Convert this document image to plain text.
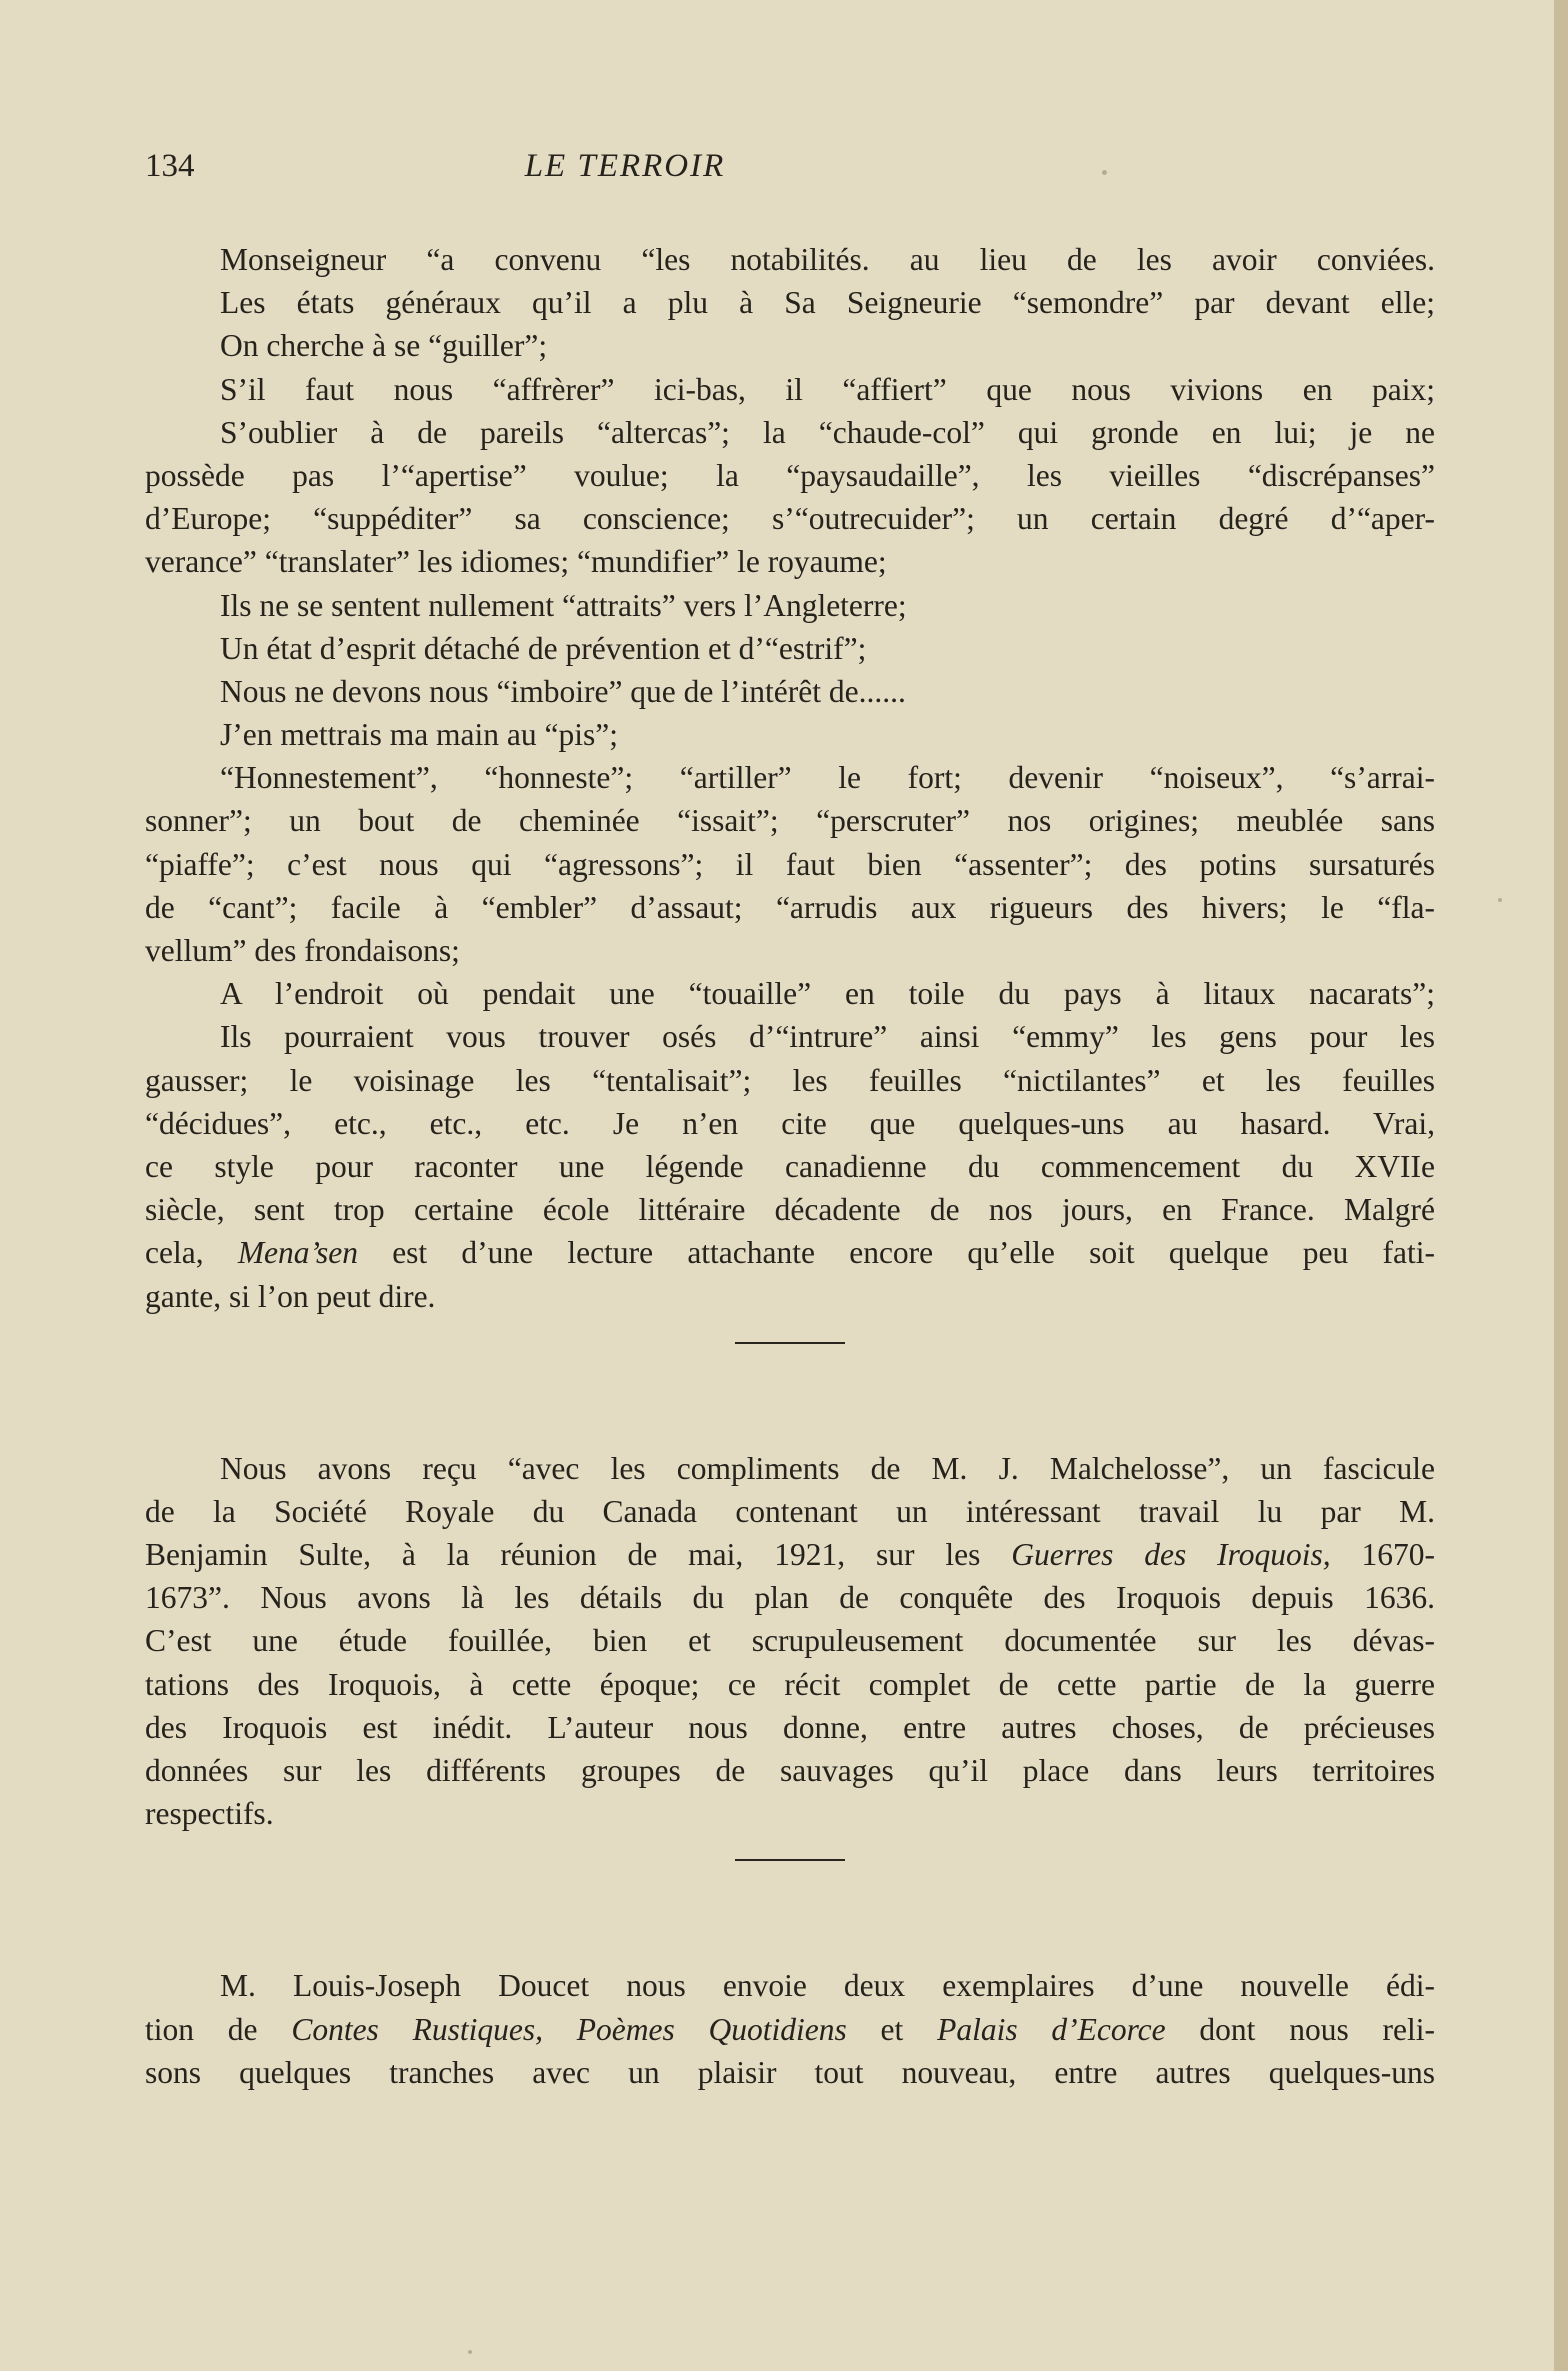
134	LE TERROIR

Monseigneur “a convenu “les notabilités. au lieu de les avoir conviées.

Les états généraux qu’il a plu à Sa Seigneurie “semondre” par devant elle;

On cherche à se “guiller”;

S’il faut nous “affrèrer” ici-bas, il “affiert” que nous vivions en paix;

S’oublier à de pareils “altercas”; la “chaude-col” qui gronde en lui; je ne

possède pas l’“apertise” voulue; la “paysaudaille”, les vieilles “discrépanses”

d’Europe; “suppéditer” sa conscience; s’“outrecuider”; un certain degré d’“aper-

verance” “translater” les idiomes; “mundifier” le royaume;

Ils ne se sentent nullement “attraits” vers l’Angleterre;

Un état d’esprit détaché de prévention et d’“estrif”;

Nous ne devons nous “imboire” que de l’intérêt de......

J’en mettrais ma main au “pis”;

“Honnestement”, “honneste”; “artiller” le fort; devenir “noiseux”, “s’arrai-

sonner”; un bout de cheminée “issait”; “perscruter” nos origines; meublée sans

“piaffe”; c’est nous qui “agressons”; il faut bien “assenter”; des potins sursaturés

de “cant”; facile à “embler” d’assaut; “arrudis aux rigueurs des hivers; le “fla-

vellum” des frondaisons;

A l’endroit où pendait une “touaille” en toile du pays à litaux nacarats”;

Ils pourraient vous trouver osés d’“intrure” ainsi “emmy” les gens pour les

gausser; le voisinage les “tentalisait”; les feuilles “nictilantes” et les feuilles

“décidues”, etc., etc., etc. Je n’en cite que quelques-uns au hasard. Vrai,

ce style pour raconter une légende canadienne du commencement du XVIIe

siècle, sent trop certaine école littéraire décadente de nos jours, en France. Malgré

cela, Mena’sen est d’une lecture attachante encore qu’elle soit quelque peu fati-

gante, si l’on peut dire.

Nous avons reçu “avec les compliments de M. J. Malchelosse”, un fascicule

de la Société Royale du Canada contenant un intéressant travail lu par M.

Benjamin Sulte, à la réunion de mai, 1921, sur les Guerres des Iroquois, 1670-

1673”. Nous avons là les détails du plan de conquête des Iroquois depuis 1636.

C’est une étude fouillée, bien et scrupuleusement documentée sur les dévas-

tations des Iroquois, à cette époque; ce récit complet de cette partie de la guerre

des Iroquois est inédit. L’auteur nous donne, entre autres choses, de précieuses

données sur les différents groupes de sauvages qu’il place dans leurs territoires

respectifs.

M. Louis-Joseph Doucet nous envoie deux exemplaires d’une nouvelle édi-

tion de Contes Rustiques, Poèmes Quotidiens et Palais d’Ecorce dont nous reli-

sons quelques tranches avec un plaisir tout nouveau, entre autres quelques-uns
